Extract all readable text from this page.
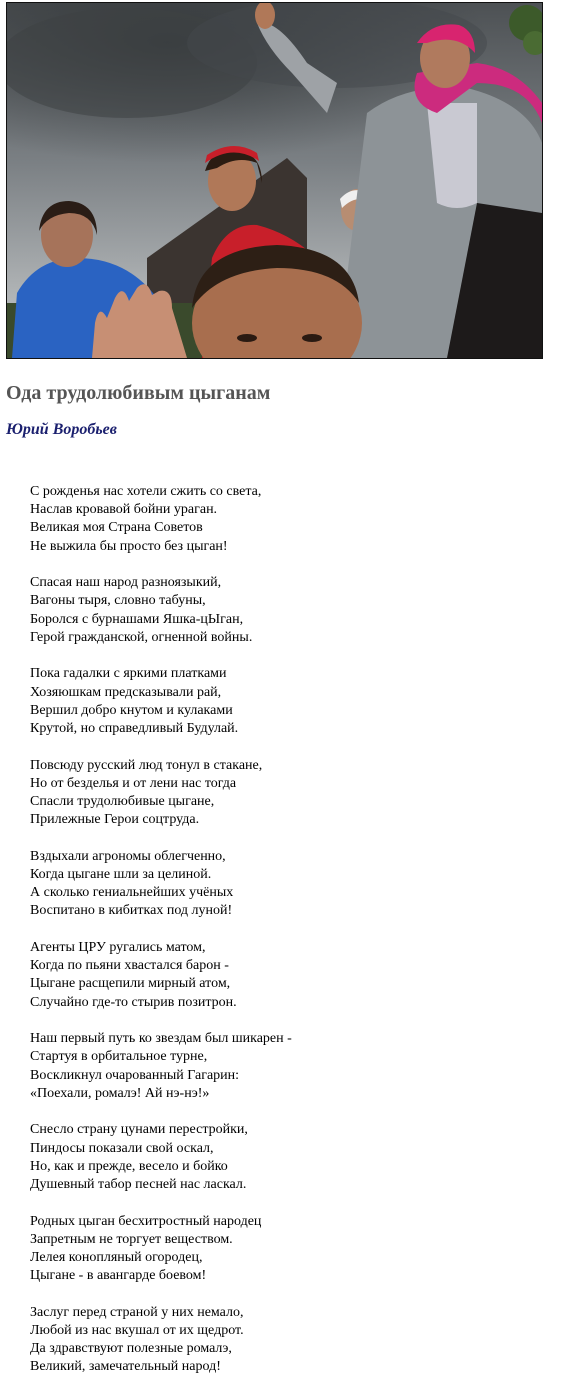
Ода трудолюбивым цыганам
Юрий Воробьев

С рожденья нас хотели сжить со света,
Наслав кровавой бойни ураган.
Великая моя Страна Советов
Не выжила бы просто без цыган!

Спасая наш народ разноязыкий,
Вагоны тыря, словно табуны,
Боролся с бурнашами Яшка-цЫган,
Герой гражданской, огненной войны.

Пока гадалки с яркими платками
Хозяюшкам предсказывали рай,
Вершил добро кнутом и кулаками
Крутой, но справедливый Будулай.

Повсюду русский люд тонул в стакане,
Но от безделья и от лени нас тогда
Спасли трудолюбивые цыгане,
Прилежные Герои соцтруда.

Вздыхали агрономы облегченно,
Когда цыгане шли за целиной.
А сколько гениальнейших учёных
Воспитано в кибитках под луной!

Агенты ЦРУ ругались матом,
Когда по пьяни хвастался барон -
Цыгане расщепили мирный атом,
Случайно где-то стырив позитрон.

Наш первый путь ко звездам был шикарен -
Стартуя в орбитальное турне,
Воскликнул очарованный Гагарин:
«Поехали, ромалэ! Ай нэ-нэ!»

Снесло страну цунами перестройки,
Пиндосы показали свой оскал,
Но, как и прежде, весело и бойко
Душевный табор песней нас ласкал.

Родных цыган бесхитростный народец
Запретным не торгует веществом.
Лелея конопляный огородец,
Цыгане - в авангарде боевом!

Заслуг перед страной у них немало,
Любой из нас вкушал от их щедрот.
Да здравствуют полезные ромалэ,
Великий, замечательный народ!
